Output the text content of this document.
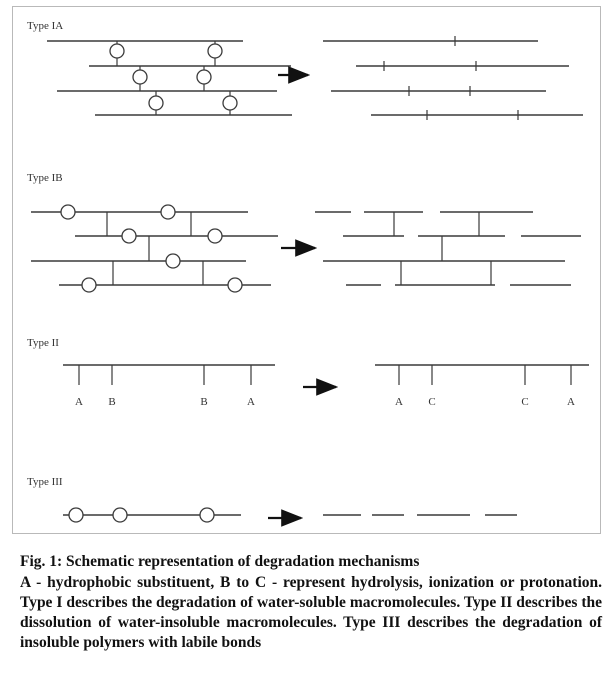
Type IA
Type IB
Type II
A B	B	A	A C	C	A
Type III
Fig. 1: Schematic representation of degradation mechanisms
A - hydrophobic substituent, B to C - represent hydrolysis, ionization or protonation. Type I describes the degradation of water-soluble macromolecules. Type II describes the dissolution of water-insoluble macromolecules. Type III describes the degradation of insoluble polymers with labile bonds
